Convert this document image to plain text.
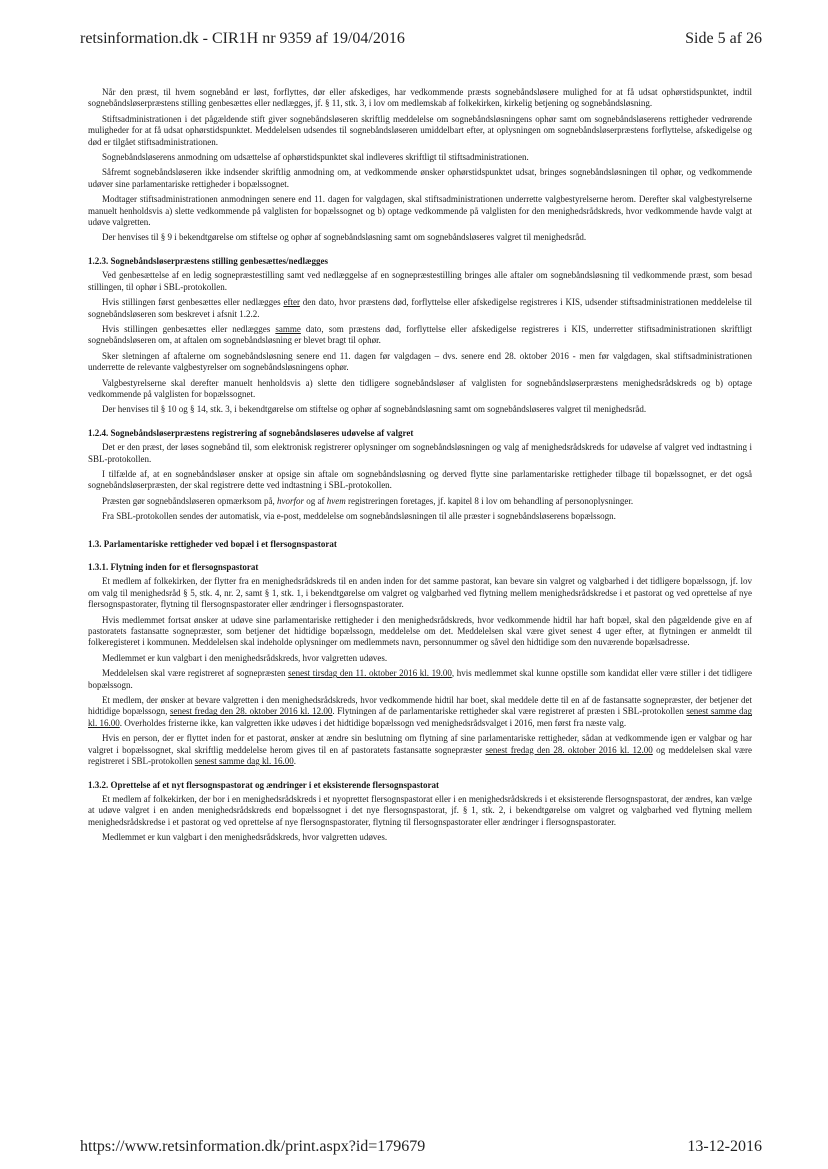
retsinformation.dk - CIR1H nr 9359 af 19/04/2016	Side 5 af 26

Når den præst, til hvem sognebånd er løst, forflyttes, dør eller afskediges, har vedkommende præsts sognebåndsløsere mulighed for at få udsat ophørstidspunktet, indtil sognebåndsløserpræstens stilling genbesættes eller nedlægges, jf. § 11, stk. 3, i lov om medlemskab af folkekirken, kirkelig betjening og sognebåndsløsning.

Stiftsadministrationen i det pågældende stift giver sognebåndsløseren skriftlig meddelelse om sognebåndsløsningens ophør samt om sognebåndsløserens rettigheder vedrørende muligheder for at få udsat ophørstidspunktet. Meddelelsen udsendes til sognebåndsløseren umiddelbart efter, at oplysningen om sognebåndsløserpræstens forflyttelse, afskedigelse og død er tilgået stiftsadministrationen.

Sognebåndsløserens anmodning om udsættelse af ophørstidspunktet skal indleveres skriftligt til stiftsadministrationen.

Såfremt sognebåndsløseren ikke indsender skriftlig anmodning om, at vedkommende ønsker ophørstidspunktet udsat, bringes sognebåndsløsningen til ophør, og vedkommende udøver sine parlamentariske rettigheder i bopælssognet.

Modtager stiftsadministrationen anmodningen senere end 11. dagen for valgdagen, skal stiftsadministrationen underrette valgbestyrelserne herom. Derefter skal valgbestyrelserne manuelt henholdsvis a) slette vedkommende på valglisten for bopælssognet og b) optage vedkommende på valglisten for den menighedsrådskreds, hvor vedkommende havde valgt at udøve valgretten.

Der henvises til § 9 i bekendtgørelse om stiftelse og ophør af sognebåndsløsning samt om sognebåndsløseres valgret til menighedsråd.

1.2.3. Sognebåndsløserpræstens stilling genbesættes/nedlægges

Ved genbesættelse af en ledig sognepræstestilling samt ved nedlæggelse af en sognepræstestilling bringes alle aftaler om sognebåndsløsning til vedkommende præst, som besad stillingen, til ophør i SBL-protokollen.

Hvis stillingen først genbesættes eller nedlægges efter den dato, hvor præstens død, forflyttelse eller afskedigelse registreres i KIS, udsender stiftsadministrationen meddelelse til sognebåndsløseren som beskrevet i afsnit 1.2.2.

Hvis stillingen genbesættes eller nedlægges samme dato, som præstens død, forflyttelse eller afskedigelse registreres i KIS, underretter stiftsadministrationen skriftligt sognebåndsløseren om, at aftalen om sognebåndsløsning er blevet bragt til ophør.

Sker sletningen af aftalerne om sognebåndsløsning senere end 11. dagen før valgdagen – dvs. senere end 28. oktober 2016 - men før valgdagen, skal stiftsadministrationen underrette de relevante valgbestyrelser om sognebåndsløsningens ophør.

Valgbestyrelserne skal derefter manuelt henholdsvis a) slette den tidligere sognebåndsløser af valglisten for sognebåndsløserpræstens menighedsrådskreds og b) optage vedkommende på valglisten for bopælssognet.

Der henvises til § 10 og § 14, stk. 3, i bekendtgørelse om stiftelse og ophør af sognebåndsløsning samt om sognebåndsløseres valgret til menighedsråd.

1.2.4. Sognebåndsløserpræstens registrering af sognebåndsløseres udøvelse af valgret

Det er den præst, der løses sognebånd til, som elektronisk registrerer oplysninger om sognebåndsløsningen og valg af menighedsrådskreds for udøvelse af valgret ved indtastning i SBL-protokollen.

I tilfælde af, at en sognebåndsløser ønsker at opsige sin aftale om sognebåndsløsning og derved flytte sine parlamentariske rettigheder tilbage til bopælssognet, er det også sognebåndsløserpræsten, der skal registrere dette ved indtastning i SBL-protokollen.

Præsten gør sognebåndsløseren opmærksom på, hvorfor og af hvem registreringen foretages, jf. kapitel 8 i lov om behandling af personoplysninger.

Fra SBL-protokollen sendes der automatisk, via e-post, meddelelse om sognebåndsløsningen til alle præster i sognebåndsløserens bopælssogn.

1.3. Parlamentariske rettigheder ved bopæl i et flersognspastorat
1.3.1. Flytning inden for et flersognspastorat

Et medlem af folkekirken, der flytter fra en menighedsrådskreds til en anden inden for det samme pastorat, kan bevare sin valgret og valgbarhed i det tidligere bopælssogn, jf. lov om valg til menighedsråd § 5, stk. 4, nr. 2, samt § 1, stk. 1, i bekendtgørelse om valgret og valgbarhed ved flytning mellem menighedsrådskredse i et pastorat og ved oprettelse af nye flersognspastorater, flytning til flersognspastorater eller ændringer i flersognspastorater.

Hvis medlemmet fortsat ønsker at udøve sine parlamentariske rettigheder i den menighedsrådskreds, hvor vedkommende hidtil har haft bopæl, skal den pågældende give en af pastoratets fastansatte sognepræster, som betjener det hidtidige bopælssogn, meddelelse om det. Meddelelsen skal være givet senest 4 uger efter, at flytningen er anmeldt til folkeregisteret i kommunen. Meddelelsen skal indeholde oplysninger om medlemmets navn, personnummer og såvel den hidtidige som den nuværende bopælsadresse.

Medlemmet er kun valgbart i den menighedsrådskreds, hvor valgretten udøves.

Meddelelsen skal være registreret af sognepræsten senest tirsdag den 11. oktober 2016 kl. 19.00, hvis medlemmet skal kunne opstille som kandidat eller være stiller i det tidligere bopælssogn.

Et medlem, der ønsker at bevare valgretten i den menighedsrådskreds, hvor vedkommende hidtil har boet, skal meddele dette til en af de fastansatte sognepræster, der betjener det hidtidige bopælssogn, senest fredag den 28. oktober 2016 kl. 12.00. Flytningen af de parlamentariske rettigheder skal være registreret af præsten i SBL-protokollen senest samme dag kl. 16.00. Overholdes fristerne ikke, kan valgretten ikke udøves i det hidtidige bopælssogn ved menighedsrådsvalget i 2016, men først fra næste valg.

Hvis en person, der er flyttet inden for et pastorat, ønsker at ændre sin beslutning om flytning af sine parlamentariske rettigheder, sådan at vedkommende igen er valgbar og har valgret i bopælssognet, skal skriftlig meddelelse herom gives til en af pastoratets fastansatte sognepræster senest fredag den 28. oktober 2016 kl. 12.00 og meddelelsen skal være registreret i SBL-protokollen senest samme dag kl. 16.00.

1.3.2. Oprettelse af et nyt flersognspastorat og ændringer i et eksisterende flersognspastorat

Et medlem af folkekirken, der bor i en menighedsrådskreds i et nyoprettet flersognspastorat eller i en menighedsrådskreds i et eksisterende flersognspastorat, der ændres, kan vælge at udøve valgret i en anden menighedsrådskreds end bopælssognet i det nye flersognspastorat, jf. § 1, stk. 2, i bekendtgørelse om valgret og valgbarhed ved flytning mellem menighedsrådskredse i et pastorat og ved oprettelse af nye flersognspastorater, flytning til flersognspastorater eller ændringer i flersognspastorater.

Medlemmet er kun valgbart i den menighedsrådskreds, hvor valgretten udøves.

https://www.retsinformation.dk/print.aspx?id=179679	13-12-2016
